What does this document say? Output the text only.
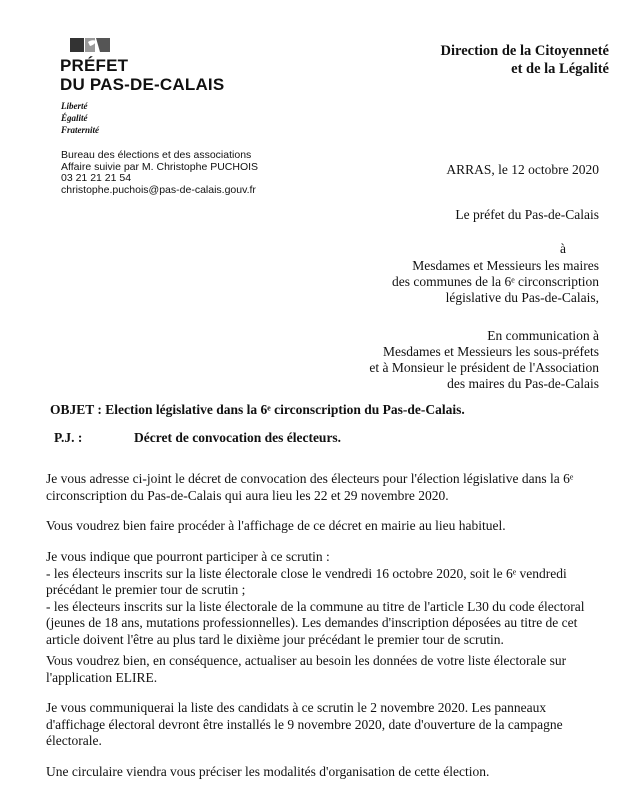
PRÉFET
DU PAS-DE-CALAIS
Liberté
Égalité
Fraternité
Direction de la Citoyenneté
et de la Légalité
Bureau des élections et des associations
Affaire suivie par M. Christophe PUCHOIS
03 21 21 21 54
christophe.puchois@pas-de-calais.gouv.fr
ARRAS, le 12 octobre 2020
Le préfet du Pas-de-Calais
à
Mesdames et Messieurs les maires
des communes de la 6ᵉ circonscription
législative du Pas-de-Calais,
En communication à
Mesdames et Messieurs les sous-préfets
et à Monsieur le président de l'Association
des maires du Pas-de-Calais
OBJET : Election législative dans la 6ᵉ circonscription du Pas-de-Calais.
P.J. :	Décret de convocation des électeurs.
Je vous adresse ci-joint le décret de convocation des électeurs pour l'élection législative dans la 6ᵉ
circonscription du Pas-de-Calais qui aura lieu les 22 et 29 novembre 2020.
Vous voudrez bien faire procéder à l'affichage de ce décret en mairie au lieu habituel.
Je vous indique que pourront participer à ce scrutin :
- les électeurs inscrits sur la liste électorale close le vendredi 16 octobre 2020, soit le 6ᵉ vendredi
précédant le premier tour de scrutin ;
- les électeurs inscrits sur la liste électorale de la commune au titre de l'article L30 du code électoral
(jeunes de 18 ans, mutations professionnelles). Les demandes d'inscription déposées au titre de cet
article doivent l'être au plus tard le dixième jour précédant le premier tour de scrutin.
Vous voudrez bien, en conséquence, actualiser au besoin les données de votre liste électorale sur
l'application ELIRE.
Je vous communiquerai la liste des candidats à ce scrutin le 2 novembre 2020. Les panneaux
d'affichage électoral devront être installés le 9 novembre 2020, date d'ouverture de la campagne
électorale.
Une circulaire viendra vous préciser les modalités d'organisation de cette élection.
